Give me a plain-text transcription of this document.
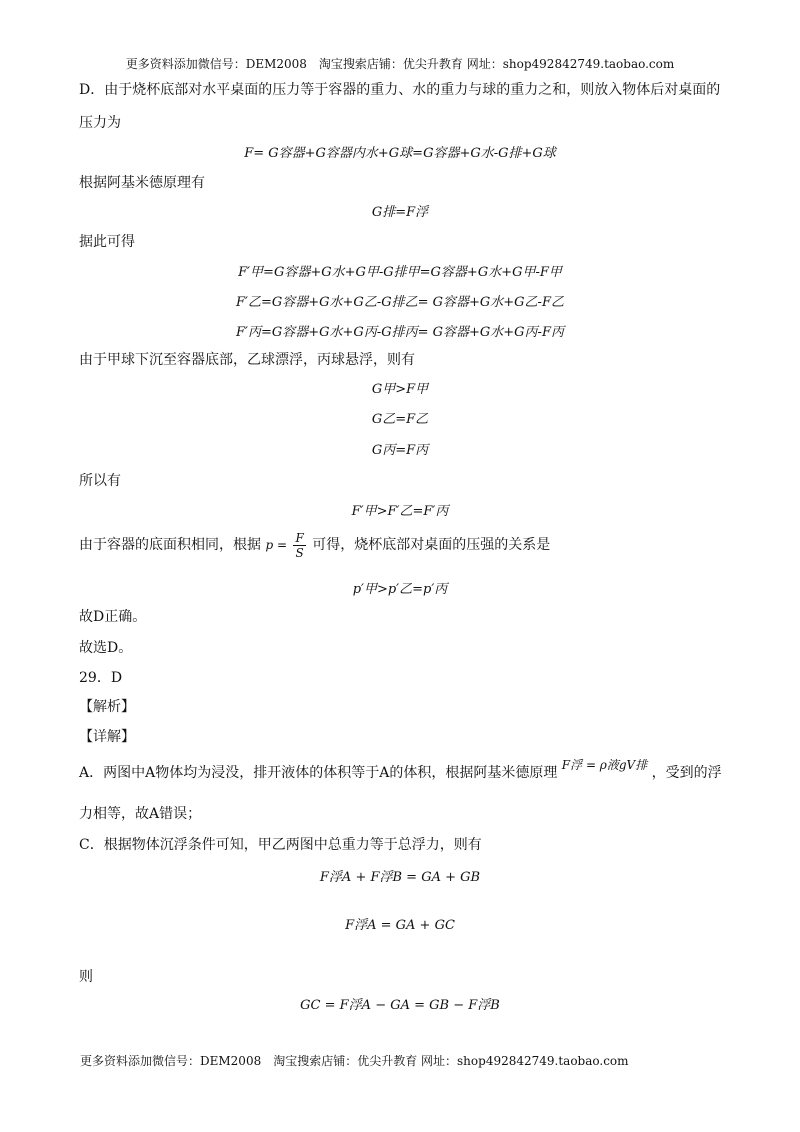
更多资料添加微信号：DEM2008　淘宝搜索店铺：优尖升教育 网址：shop492842749.taobao.com
D．由于烧杯底部对水平桌面的压力等于容器的重力、水的重力与球的重力之和，则放入物体后对桌面的
压力为
F= G容器+G容器内水+G球=G容器+G水-G排+G球
根据阿基米德原理有
G排=F浮
据此可得
F′甲=G容器+G水+G甲-G排甲=G容器+G水+G甲-F甲
F′乙=G容器+G水+G乙-G排乙= G容器+G水+G乙-F乙
F′丙=G容器+G水+G丙-G排丙= G容器+G水+G丙-F丙
由于甲球下沉至容器底部，乙球漂浮，丙球悬浮，则有
G甲>F甲
G乙=F乙
G丙=F丙
所以有
F′甲>F′乙=F′丙
由于容器的底面积相同，根据 $p = \frac{F}{S}$ 可得，烧杯底部对桌面的压强的关系是
p′甲>p′乙=p′丙
故D正确。
故选D。
29．D
【解析】
【详解】
A．两图中A物体均为浸没，排开液体的体积等于A的体积，根据阿基米德原理 F浮 = ρ液gV排 ，受到的浮
力相等，故A错误；
C．根据物体沉浮条件可知，甲乙两图中总重力等于总浮力，则有
F浮A + F浮B = GA + GB
F浮A = GA + GC
则
GC = F浮A − GA = GB − F浮B
更多资料添加微信号：DEM2008　淘宝搜索店铺：优尖升教育 网址：shop492842749.taobao.com
